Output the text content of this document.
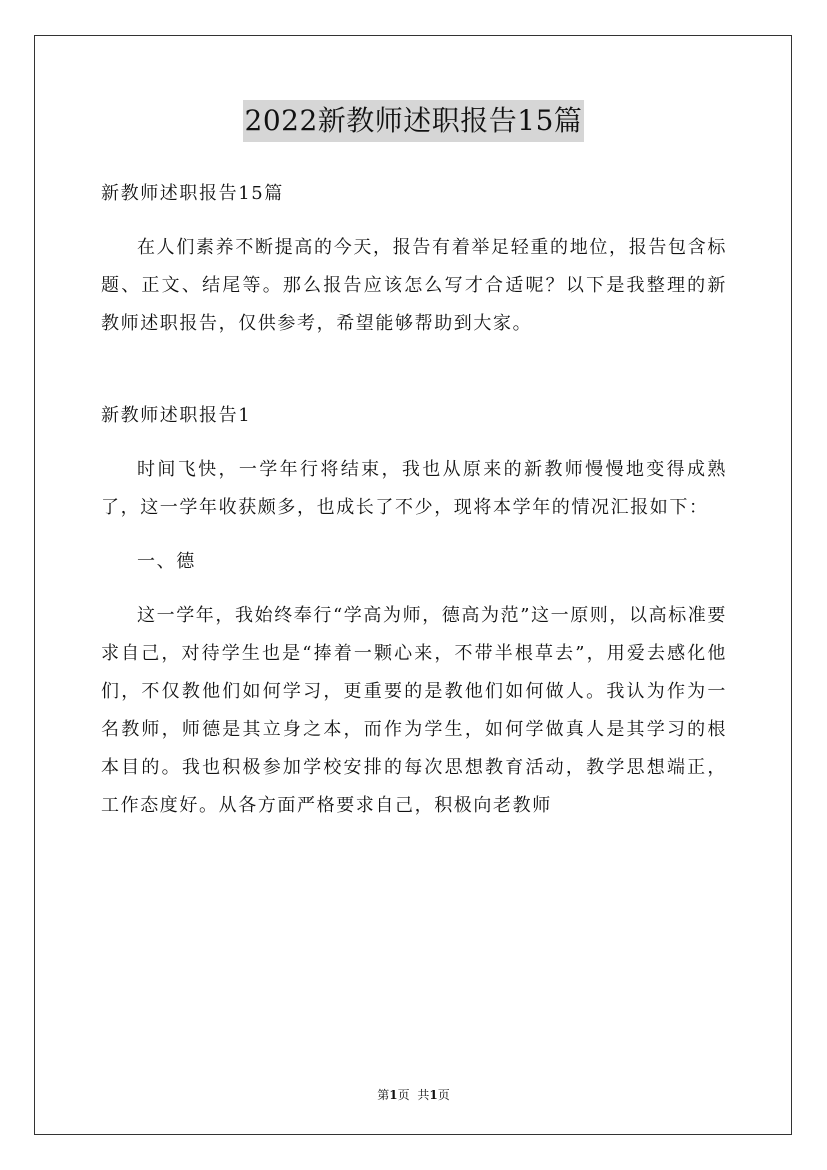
2022新教师述职报告15篇

新教师述职报告15篇

在人们素养不断提高的今天，报告有着举足轻重的地位，报告包含标题、正文、结尾等。那么报告应该怎么写才合适呢？以下是我整理的新教师述职报告，仅供参考，希望能够帮助到大家。

新教师述职报告1

时间飞快，一学年行将结束，我也从原来的新教师慢慢地变得成熟了，这一学年收获颇多，也成长了不少，现将本学年的情况汇报如下：

一、德

这一学年，我始终奉行“学高为师，德高为范”这一原则，以高标准要求自己，对待学生也是“捧着一颗心来，不带半根草去”，用爱去感化他们，不仅教他们如何学习，更重要的是教他们如何做人。我认为作为一名教师，师德是其立身之本，而作为学生，如何学做真人是其学习的根本目的。我也积极参加学校安排的每次思想教育活动，教学思想端正，工作态度好。从各方面严格要求自己，积极向老教师

第1页 共1页
